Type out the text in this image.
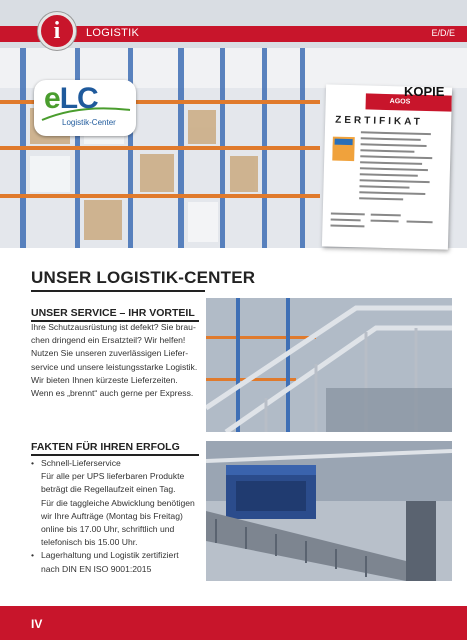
i	LOGISTIK	E/D/E
eLC
Logistik-Center
AGOS
ZERTIFIKAT
KOPIE
UNSER LOGISTIK-CENTER
UNSER SERVICE – IHR VORTEIL
Ihre Schutzausrüstung ist defekt? Sie brau-
chen dringend ein Ersatzteil? Wir helfen!
Nutzen Sie unseren zuverlässigen Liefer-
service und unsere leistungsstarke Logistik.
Wir bieten Ihnen kürzeste Lieferzeiten.
Wenn es „brennt“ auch gerne per Express.
FAKTEN FÜR IHREN ERFOLG
• Schnell-Lieferservice
Für alle per UPS lieferbaren Produkte
beträgt die Regellaufzeit einen Tag.
Für die taggleiche Abwicklung benötigen
wir Ihre Aufträge (Montag bis Freitag)
online bis 17.00 Uhr, schriftlich und
telefonisch bis 15.00 Uhr.
• Lagerhaltung und Logistik zertifiziert
nach DIN EN ISO 9001:2015
IV
